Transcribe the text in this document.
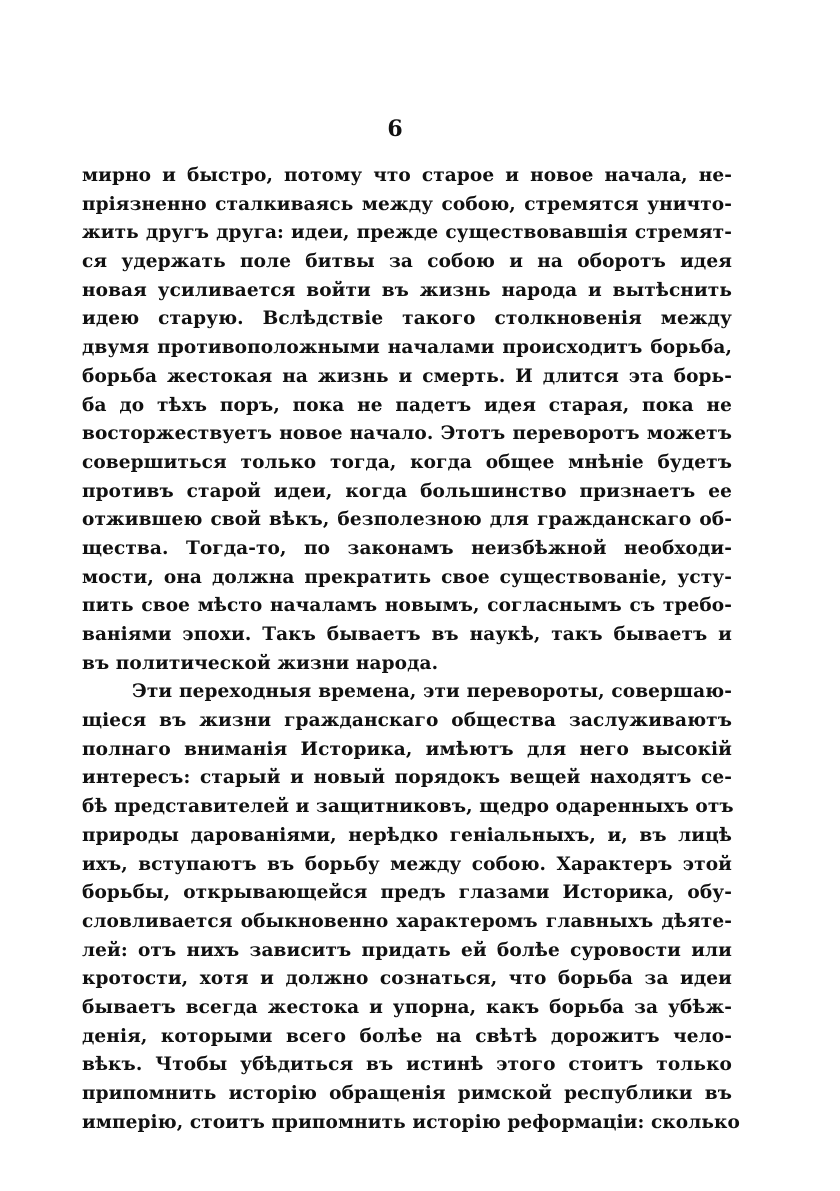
6
мирно и быстро, потому что старое и новое начала, не-
пріязненно сталкиваясь между собою, стремятся уничто-
жить другъ друга: идеи, прежде существовавшія стремят-
ся удержать поле битвы за собою и на оборотъ идея
новая усиливается войти въ жизнь народа и вытѣснить
идею старую. Вслѣдствіе такого столкновенія между
двумя противоположными началами происходитъ борьба,
борьба жестокая на жизнь и смерть. И длится эта борь-
ба до тѣхъ поръ, пока не падетъ идея старая, пока не
восторжествуетъ новое начало. Этотъ переворотъ можетъ
совершиться только тогда, когда общее мнѣніе будетъ
противъ старой идеи, когда большинство признаетъ ее
отжившею свой вѣкъ, безполезною для гражданскаго об-
щества. Тогда-то, по законамъ неизбѣжной необходи-
мости, она должна прекратить свое существованіе, усту-
пить свое мѣсто началамъ новымъ, согласнымъ съ требо-
ваніями эпохи. Такъ бываетъ въ наукѣ, такъ бываетъ и
въ политической жизни народа.
Эти переходныя времена, эти перевороты, совершаю-
щіеся въ жизни гражданскаго общества заслуживаютъ
полнаго вниманія Историка, имѣютъ для него высокій
интересъ: старый и новый порядокъ вещей находятъ се-
бѣ представителей и защитниковъ, щедро одаренныхъ отъ
природы дарованіями, нерѣдко геніальныхъ, и, въ лицѣ
ихъ, вступаютъ въ борьбу между собою. Характеръ этой
борьбы, открывающейся предъ глазами Историка, обу-
словливается обыкновенно характеромъ главныхъ дѣяте-
лей: отъ нихъ зависитъ придать ей болѣе суровости или
кротости, хотя и должно сознаться, что борьба за идеи
бываетъ всегда жестока и упорна, какъ борьба за убѣж-
денія, которыми всего болѣе на свѣтѣ дорожитъ чело-
вѣкъ. Чтобы убѣдиться въ истинѣ этого стоитъ только
припомнить исторію обращенія римской республики въ
имперію, стоитъ припомнить исторію реформаціи: сколько
